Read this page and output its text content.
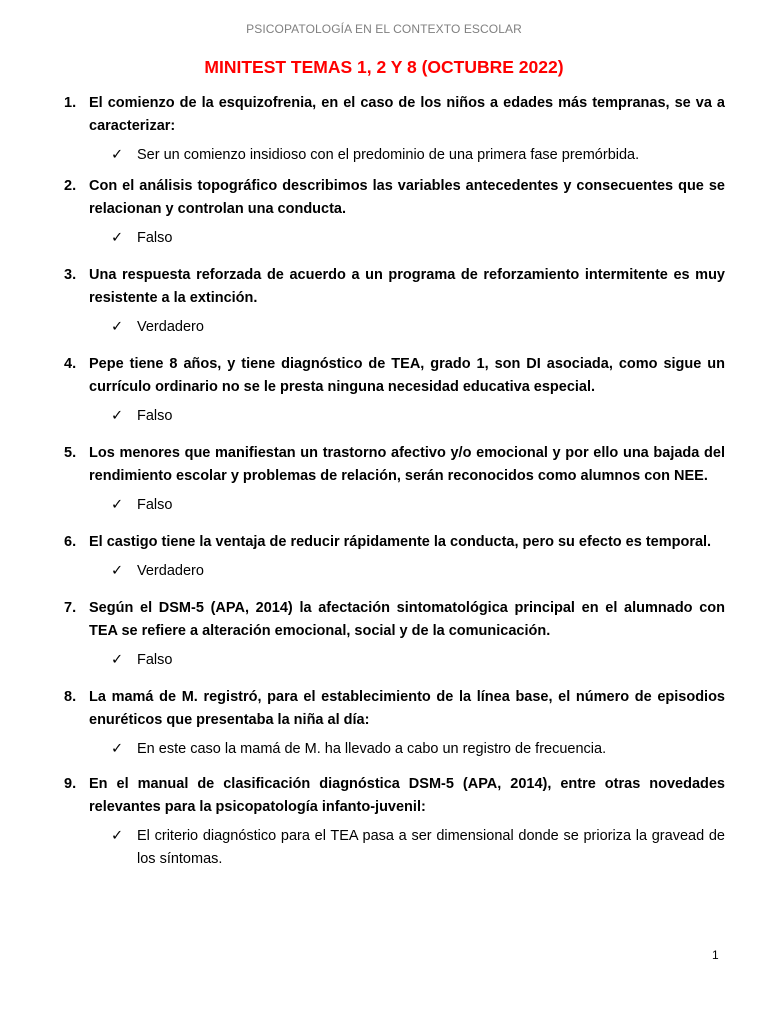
PSICOPATOLOGÍA EN EL CONTEXTO ESCOLAR
MINITEST TEMAS 1, 2 Y 8 (OCTUBRE 2022)
1. El comienzo de la esquizofrenia, en el caso de los niños a edades más tempranas, se va a caracterizar:
✓ Ser un comienzo insidioso con el predominio de una primera fase premórbida.
2. Con el análisis topográfico describimos las variables antecedentes y consecuentes que se relacionan y controlan una conducta.
✓ Falso
3. Una respuesta reforzada de acuerdo a un programa de reforzamiento intermitente es muy resistente a la extinción.
✓ Verdadero
4. Pepe tiene 8 años, y tiene diagnóstico de TEA, grado 1, son DI asociada, como sigue un currículo ordinario no se le presta ninguna necesidad educativa especial.
✓ Falso
5. Los menores que manifiestan un trastorno afectivo y/o emocional y por ello una bajada del rendimiento escolar y problemas de relación, serán reconocidos como alumnos con NEE.
✓ Falso
6. El castigo tiene la ventaja de reducir rápidamente la conducta, pero su efecto es temporal.
✓ Verdadero
7. Según el DSM-5 (APA, 2014) la afectación sintomatológica principal en el alumnado con TEA se refiere a alteración emocional, social y de la comunicación.
✓ Falso
8. La mamá de M. registró, para el establecimiento de la línea base, el número de episodios enuréticos que presentaba la niña al día:
✓ En este caso la mamá de M. ha llevado a cabo un registro de frecuencia.
9. En el manual de clasificación diagnóstica DSM-5 (APA, 2014), entre otras novedades relevantes para la psicopatología infanto-juvenil:
✓ El criterio diagnóstico para el TEA pasa a ser dimensional donde se prioriza la gravead de los síntomas.
1
